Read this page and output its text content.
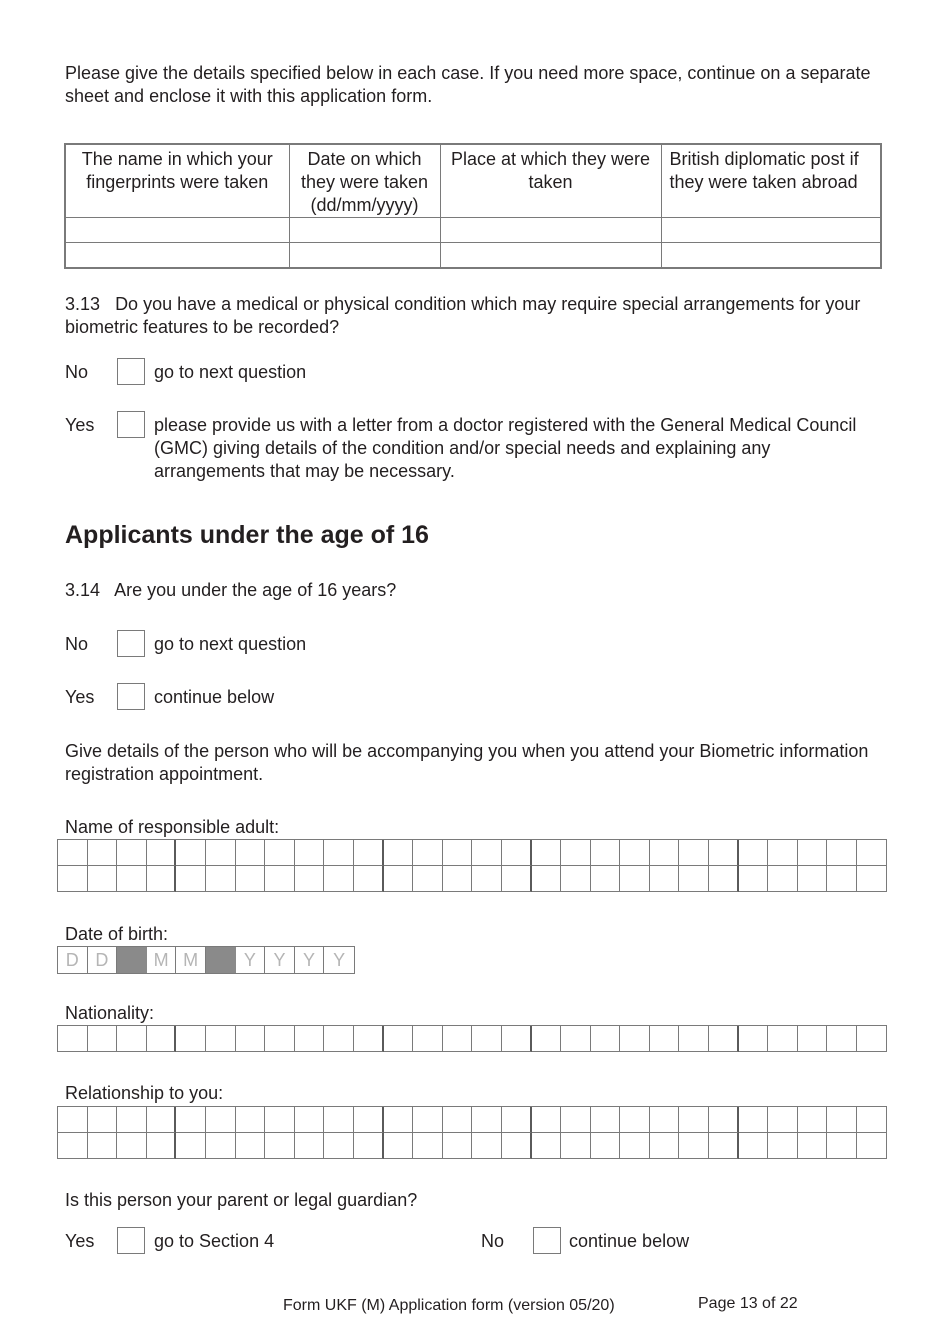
Please give the details specified below in each case. If you need more space, continue on a separate sheet and enclose it with this application form.
The name in which your fingerprints were taken	Date on which they were taken (dd/mm/yyyy)	Place at which they were taken	British diplomatic post if they were taken abroad

3.13 Do you have a medical or physical condition which may require special arrangements for your biometric features to be recorded?
No	go to next question
Yes	please provide us with a letter from a doctor registered with the General Medical Council (GMC) giving details of the condition and/or special needs and explaining any arrangements that may be necessary.
Applicants under the age of 16
3.14 Are you under the age of 16 years?
No	go to next question
Yes	continue below
Give details of the person who will be accompanying you when you attend your Biometric information registration appointment.
Name of responsible adult:
Date of birth:
D D	M M	Y Y Y	Y
Nationality:
Relationship to you:
Is this person your parent or legal guardian?
Yes	go to Section 4	No	continue below
Form UKF (M) Application form (version 05/20)	Page 13 of 22
